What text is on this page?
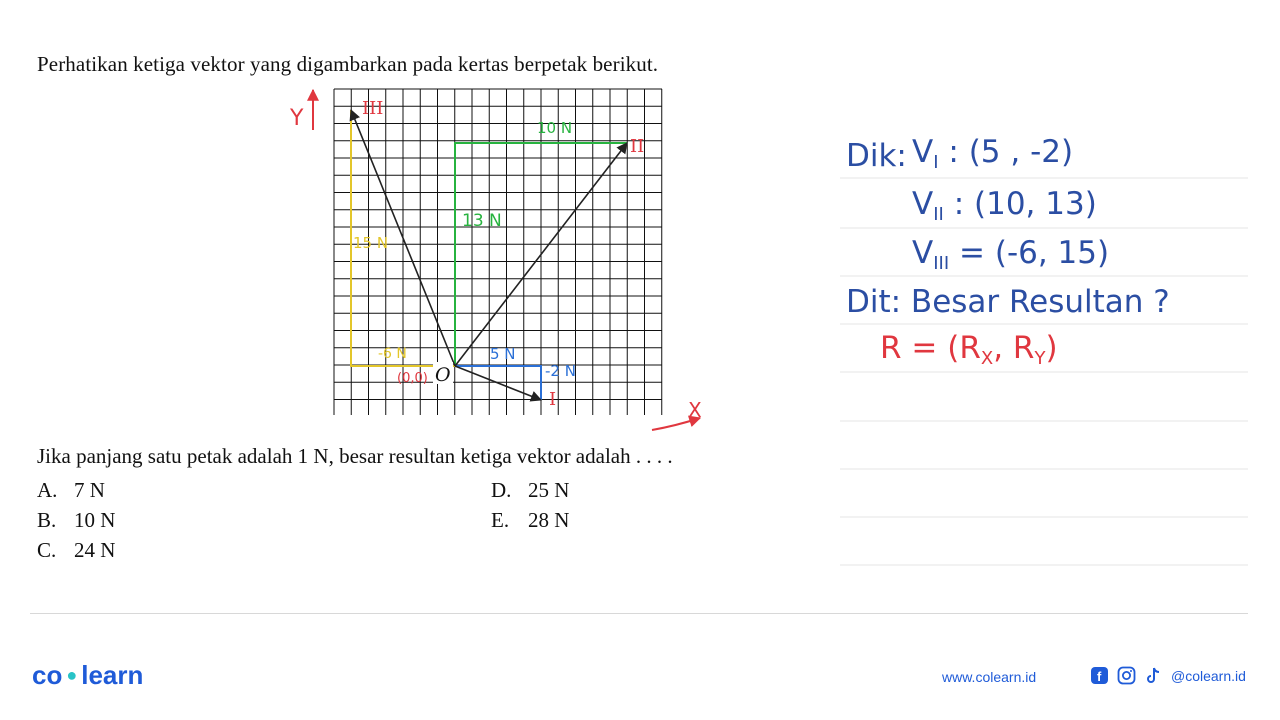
Perhatikan ketiga vektor yang digambarkan pada kertas berpetak berikut.
Y
X
III
II
I
10 N
13 N
15 N
-6 N	5 N
-2 N
(0,0) O
Jika panjang satu petak adalah 1 N, besar resultan ketiga vektor adalah . . . .
A. 7 N
B. 10 N
C. 24 N
D. 25 N
E. 28 N
Dik: $V_I$ : (5 , -2)
$V_{II}$ : (10, 13)
$V_{III} = (-6$, 15)
Dit: Besar Resultan ?
$R = (R_X$, $R_Y$)
co ● learn	www.colearn.id	f	@colearn.id
